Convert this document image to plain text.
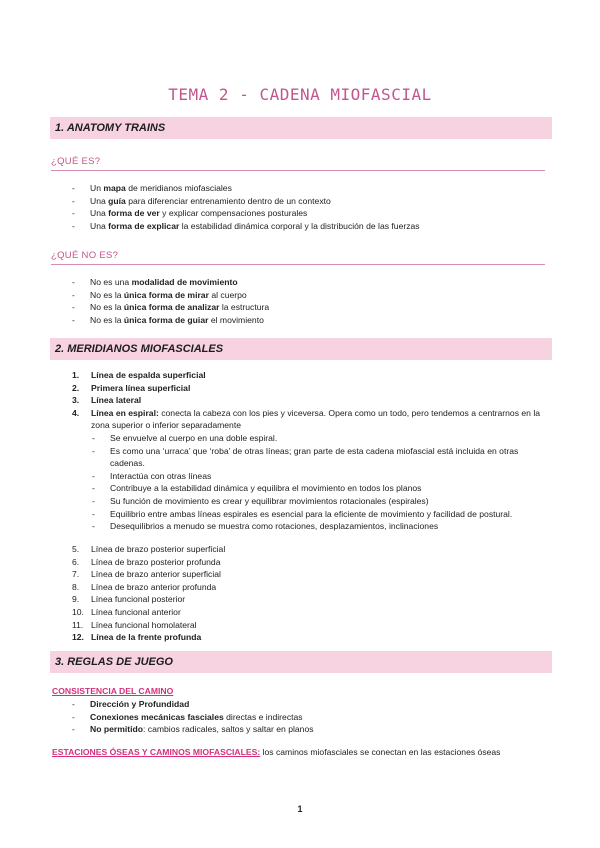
TEMA 2 - CADENA MIOFASCIAL
1. ANATOMY TRAINS
¿QUÉ ES?
- Un mapa de meridianos miofasciales
- Una guía para diferenciar entrenamiento dentro de un contexto
- Una forma de ver y explicar compensaciones posturales
- Una forma de explicar la estabilidad dinámica corporal y la distribución de las fuerzas
¿QUÉ NO ES?
- No es una modalidad de movimiento
- No es la única forma de mirar al cuerpo
- No es la única forma de analizar la estructura
- No es la única forma de guiar el movimiento
2. MERIDIANOS MIOFASCIALES
1. Línea de espalda superficial
2. Primera línea superficial
3. Línea lateral
4. Línea en espiral: conecta la cabeza con los pies y viceversa. Opera como un todo, pero tendemos a centrarnos en la zona superior o inferior separadamente
- Se envuelve al cuerpo en una doble espiral.
- Es como una ‘urraca’ que ‘roba’ de otras líneas; gran parte de esta cadena miofascial está incluida en otras cadenas.
- Interactúa con otras líneas
- Contribuye a la estabilidad dinámica y equilibra el movimiento en todos los planos
- Su función de movimiento es crear y equilibrar movimientos rotacionales (espirales)
- Equilibrio entre ambas líneas espirales es esencial para la eficiente de movimiento y facilidad de postural.
- Desequilibrios a menudo se muestra como rotaciones, desplazamientos, inclinaciones
5. Línea de brazo posterior superficial
6. Línea de brazo posterior profunda
7. Línea de brazo anterior superficial
8. Línea de brazo anterior profunda
9. Línea funcional posterior
10. Línea funcional anterior
11. Línea funcional homolateral
12. Línea de la frente profunda
3. REGLAS DE JUEGO
CONSISTENCIA DEL CAMINO
- Dirección y Profundidad
- Conexiones mecánicas fasciales directas e indirectas
- No permitido: cambios radicales, saltos y saltar en planos
ESTACIONES ÓSEAS Y CAMINOS MIOFASCIALES: los caminos miofasciales se conectan en las estaciones óseas
1
